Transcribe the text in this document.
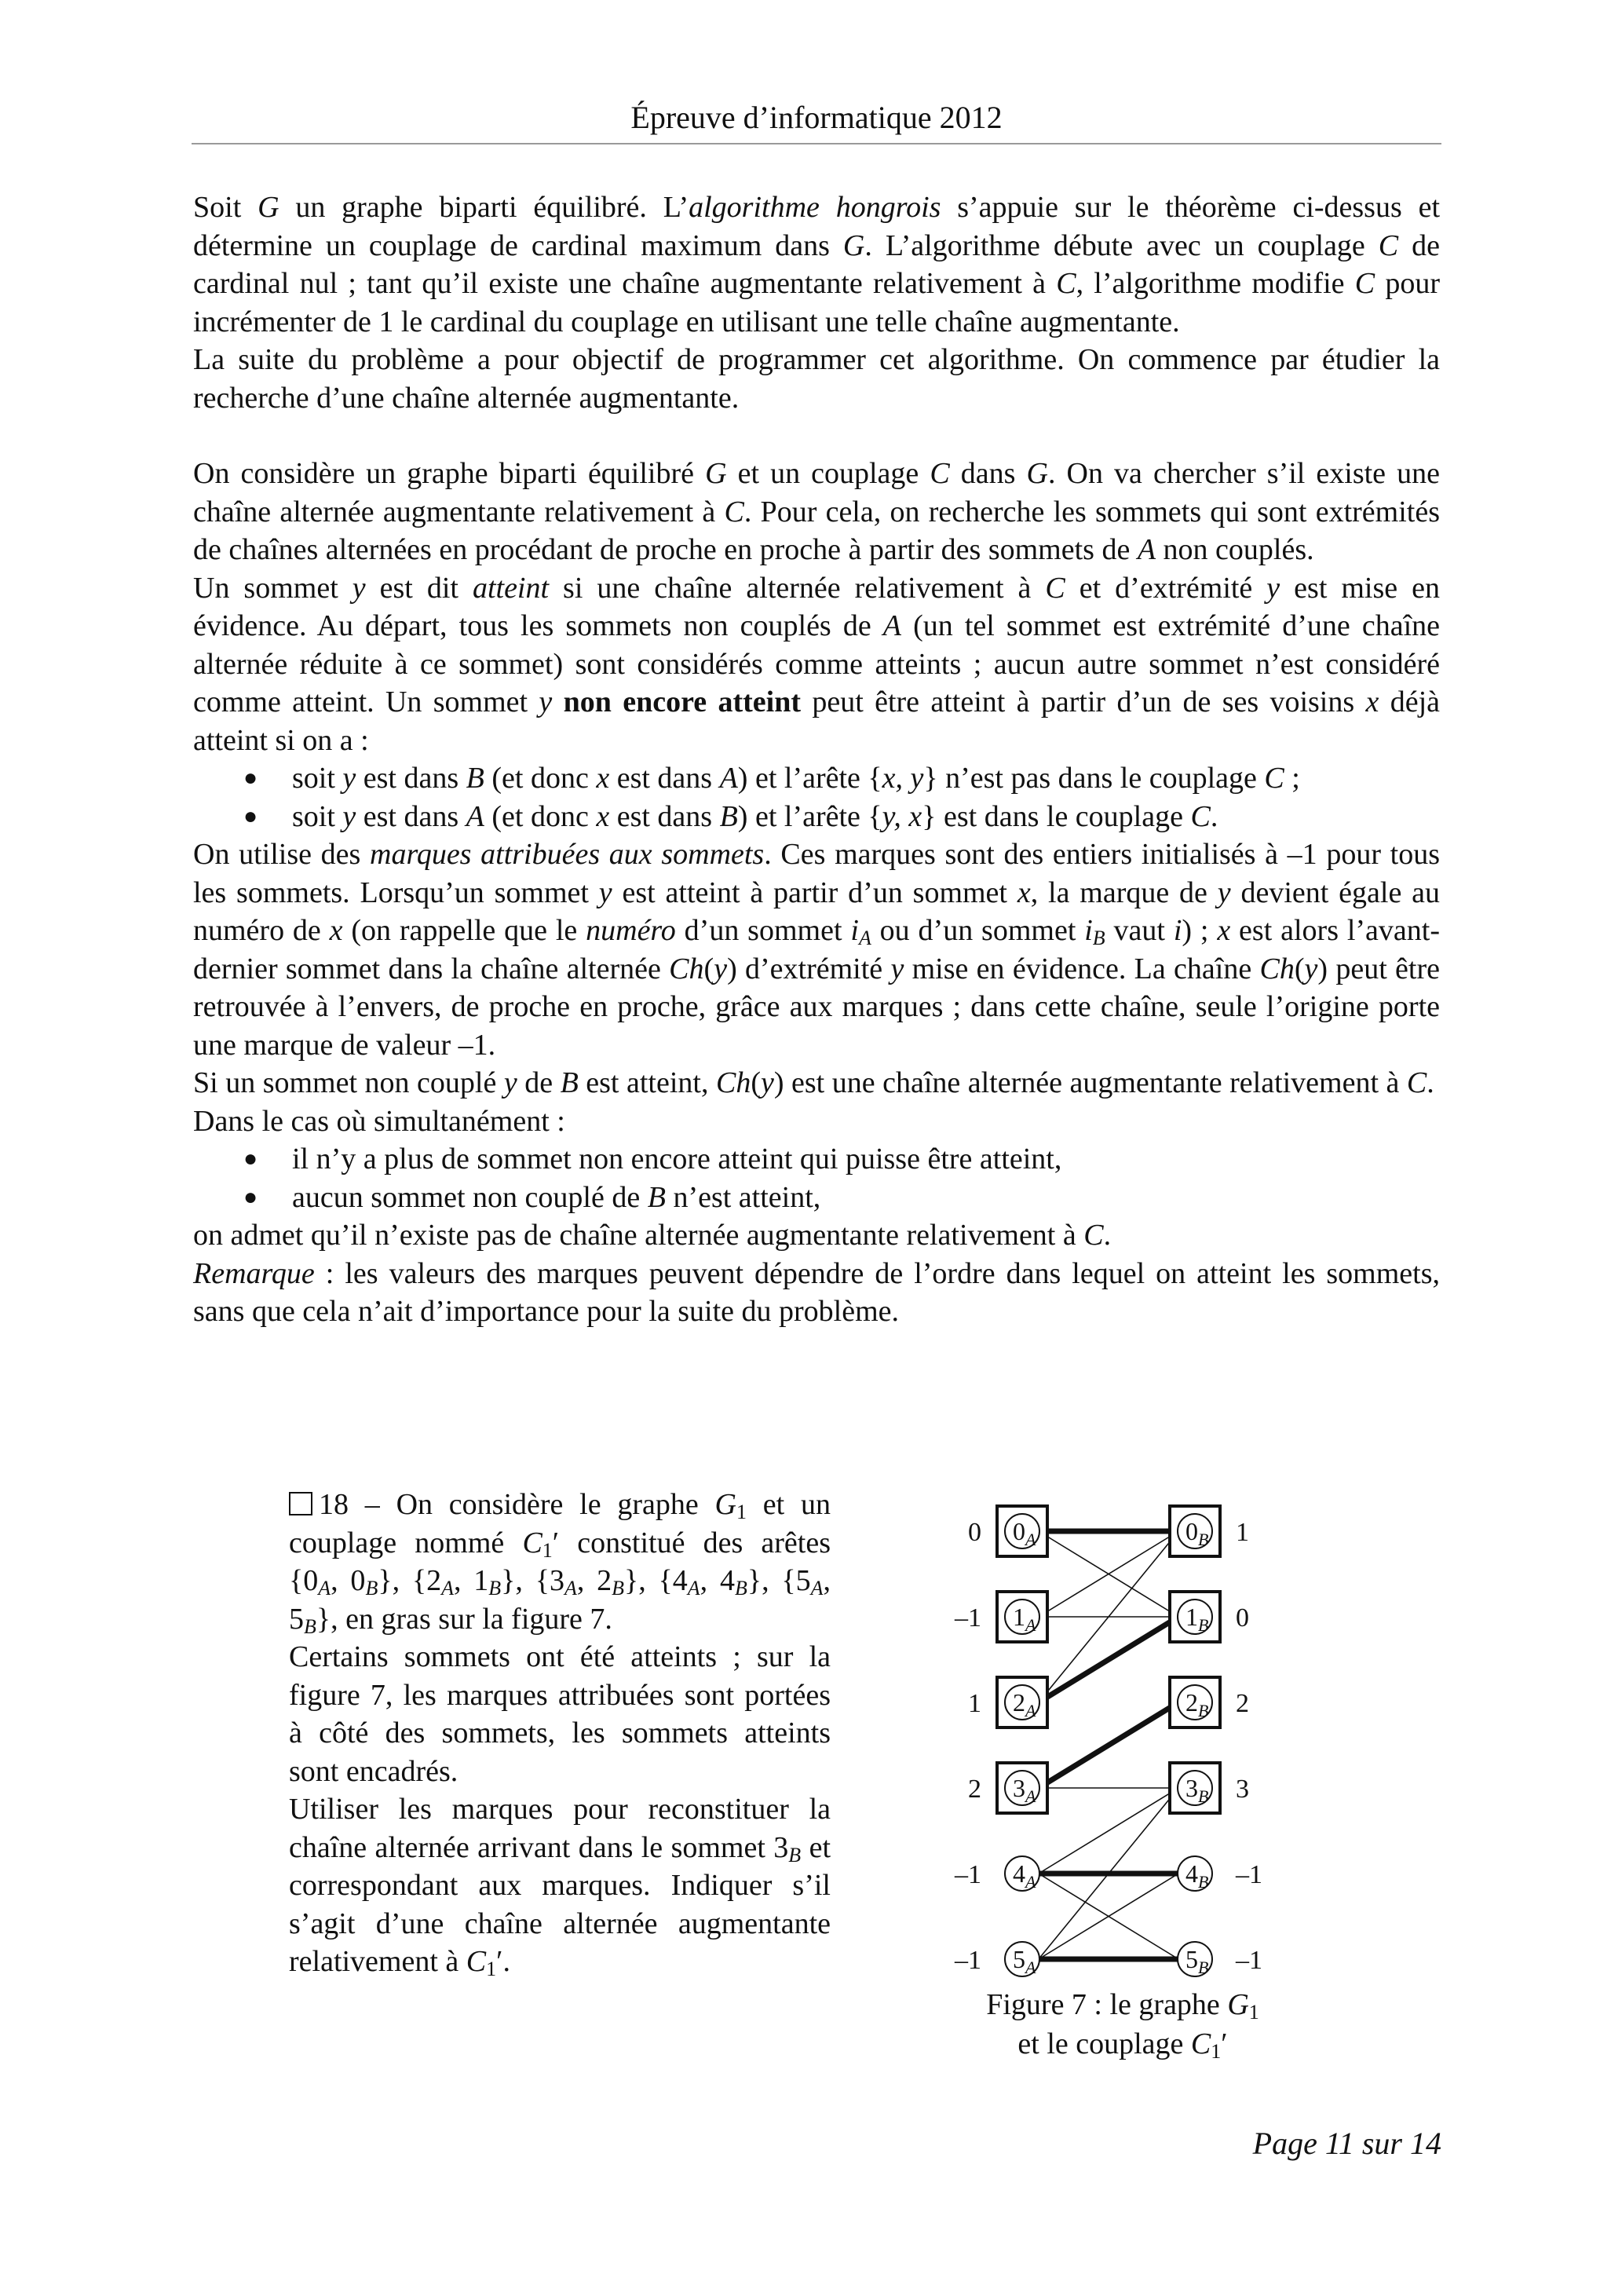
Épreuve d’informatique 2012

Soit G un graphe biparti équilibré. L’algorithme hongrois s’appuie sur le théorème ci-dessus et détermine un couplage de cardinal maximum dans G. L’algorithme débute avec un couplage C de cardinal nul ; tant qu’il existe une chaîne augmentante relativement à C, l’algorithme modifie C pour incrémenter de 1 le cardinal du couplage en utilisant une telle chaîne augmentante.

La suite du problème a pour objectif de programmer cet algorithme. On commence par étudier la recherche d’une chaîne alternée augmentante.

On considère un graphe biparti équilibré G et un couplage C dans G. On va chercher s’il existe une chaîne alternée augmentante relativement à C. Pour cela, on recherche les sommets qui sont extrémités de chaînes alternées en procédant de proche en proche à partir des sommets de A non couplés.

Un sommet y est dit atteint si une chaîne alternée relativement à C et d’extrémité y est mise en évidence. Au départ, tous les sommets non couplés de A (un tel sommet est extrémité d’une chaîne alternée réduite à ce sommet) sont considérés comme atteints ; aucun autre sommet n’est considéré comme atteint. Un sommet y non encore atteint peut être atteint à partir d’un de ses voisins x déjà atteint si on a :

● soit y est dans B (et donc x est dans A) et l’arête {x, y} n’est pas dans le couplage C ;
● soit y est dans A (et donc x est dans B) et l’arête {y, x} est dans le couplage C.

On utilise des marques attribuées aux sommets. Ces marques sont des entiers initialisés à –1 pour tous les sommets. Lorsqu’un sommet y est atteint à partir d’un sommet x, la marque de y devient égale au numéro de x (on rappelle que le numéro d’un sommet $i_A$ ou d’un sommet $i_B$ vaut i) ; x est alors l’avant-dernier sommet dans la chaîne alternée Ch(y) d’extrémité y mise en évidence. La chaîne Ch(y) peut être retrouvée à l’envers, de proche en proche, grâce aux marques ; dans cette chaîne, seule l’origine porte une marque de valeur –1.

Si un sommet non couplé y de B est atteint, Ch(y) est une chaîne alternée augmentante relativement à C.

Dans le cas où simultanément :

● il n’y a plus de sommet non encore atteint qui puisse être atteint,
● aucun sommet non couplé de B n’est atteint,

on admet qu’il n’existe pas de chaîne alternée augmentante relativement à C.

Remarque : les valeurs des marques peuvent dépendre de l’ordre dans lequel on atteint les sommets, sans que cela n’ait d’importance pour la suite du problème.

18 – On considère le graphe $G_1$ et un couplage nommé $C_1'$ constitué des arêtes {$0_A$, $0_B$}, {$2_A$, $1_B$}, {$3_A$, $2_B$}, {$4_A$, $4_B$}, {$5_A$, $5_B$}, en gras sur la figure 7.

Certains sommets ont été atteints ; sur la figure 7, les marques attribuées sont portées à côté des sommets, les sommets atteints sont encadrés.

Utiliser les marques pour reconstituer la chaîne alternée arrivant dans le sommet $3_B$ et correspondant aux marques. Indiquer s’il s’agit d’une chaîne alternée augmentante relativement à $C_1'$.

0 A
0
1 A
–1
2 A
1
3 A
2
4 A
–1
5 A
–1
0 B 1
1 B 0
2 B 2
3 B 3
4 B –1
5 B –1
Figure 7 : le graphe $G_1$
et le couplage $C_1'$
Page 11 sur 14
